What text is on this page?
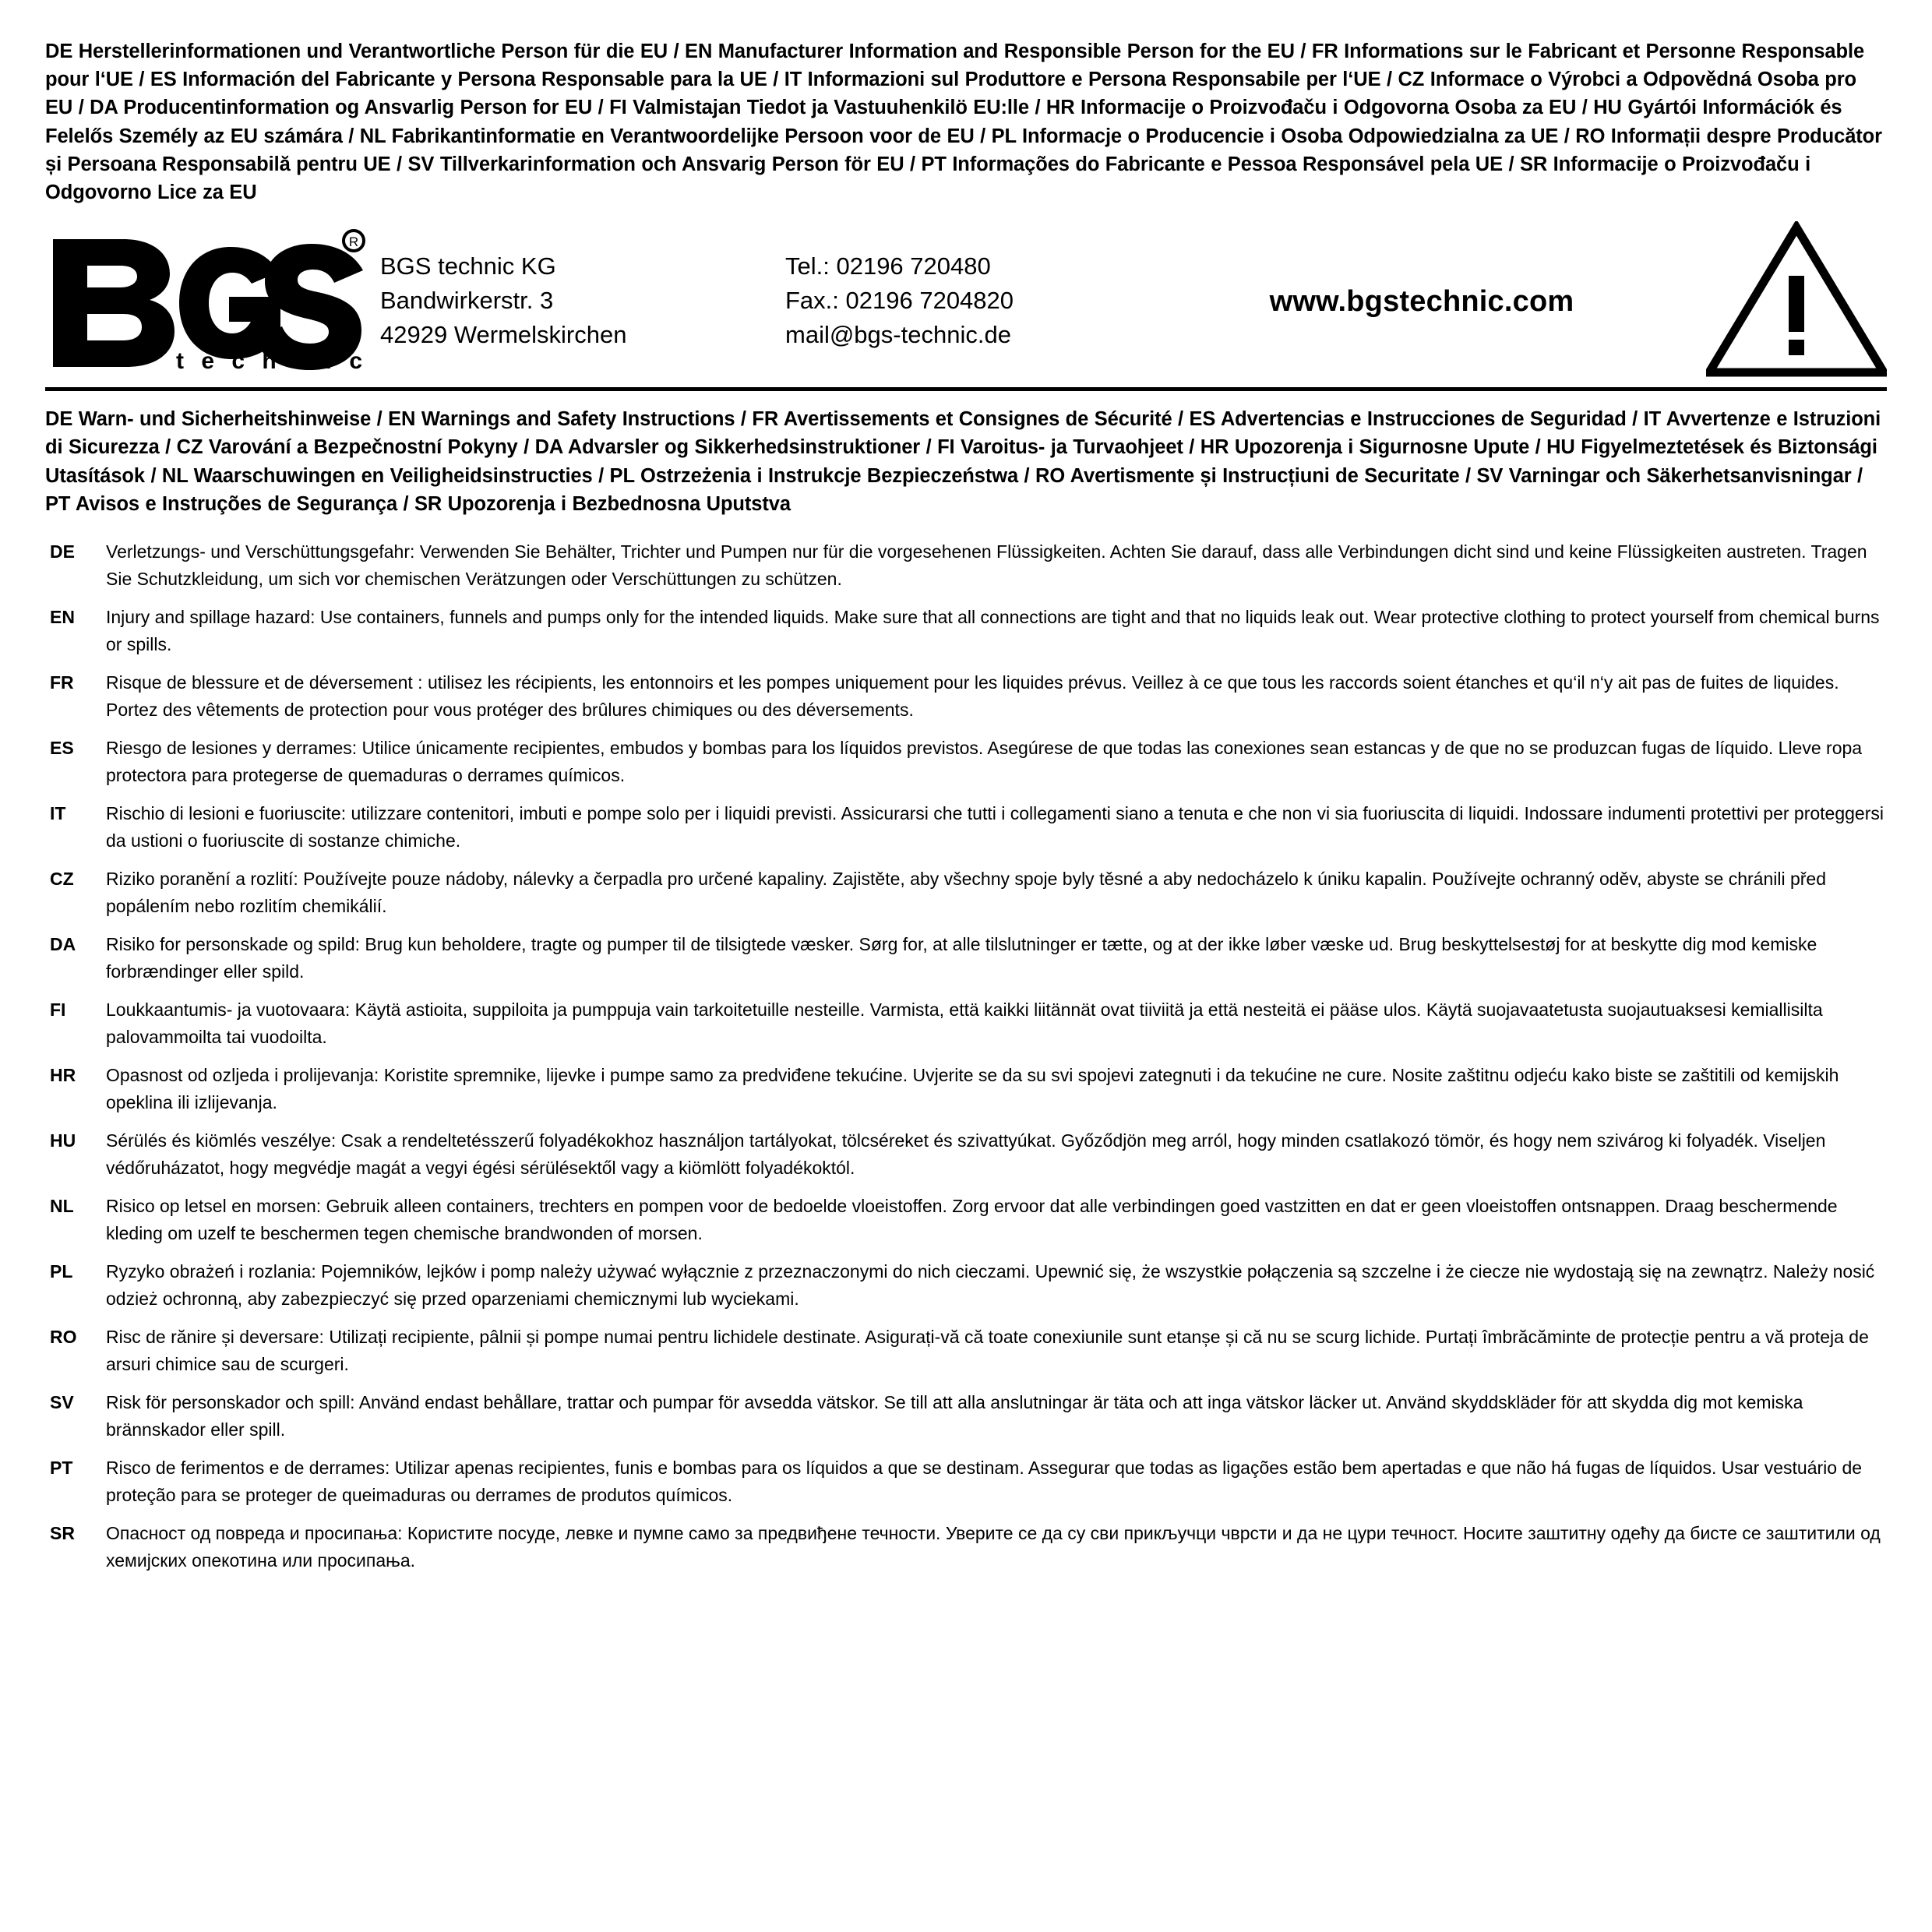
DE Herstellerinformationen und Verantwortliche Person für die EU / EN Manufacturer Information and Responsible Person for the EU / FR Informations sur le Fabricant et Personne Responsable pour l‘UE / ES Información del Fabricante y Persona Responsable para la UE / IT Informazioni sul Produttore e Persona Responsabile per l‘UE / CZ Informace o Výrobci a Odpovědná Osoba pro EU / DA Producentinformation og Ansvarlig Person for EU / FI Valmistajan Tiedot ja Vastuuhenkilö EU:lle / HR Informacije o Proizvođaču i Odgovorna Osoba za EU / HU Gyártói Információk és Felelős Személy az EU számára / NL Fabrikantinformatie en Verantwoordelijke Persoon voor de EU / PL Informacje o Producencie i Osoba Odpowiedzialna za UE / RO Informații despre Producător și Persoana Responsabilă pentru UE / SV Tillverkarinformation och Ansvarig Person för EU / PT Informações do Fabricante e Pessoa Responsável pela UE / SR Informacije o Proizvođaču i Odgovorno Lice za EU
R
t e c h n i c
BGS technic KG
Bandwirkerstr. 3
42929 Wermelskirchen
Tel.: 02196 720480
Fax.: 02196 7204820
mail@bgs-technic.de
www.bgstechnic.com
DE Warn- und Sicherheitshinweise / EN Warnings and Safety Instructions / FR Avertissements et Consignes de Sécurité / ES Advertencias e Instrucciones de Seguridad / IT Avvertenze e Istruzioni di Sicurezza / CZ Varování a Bezpečnostní Pokyny / DA Advarsler og Sikkerhedsinstruktioner / FI Varoitus- ja Turvaohjeet / HR Upozorenja i Sigurnosne Upute / HU Figyelmeztetések és Biztonsági Utasítások / NL Waarschuwingen en Veiligheidsinstructies / PL Ostrzeżenia i Instrukcje Bezpieczeństwa / RO Avertismente și Instrucțiuni de Securitate / SV Varningar och Säkerhetsanvisningar / PT Avisos e Instruções de Segurança / SR Upozorenja i Bezbednosna Uputstva
DE	Verletzungs- und Verschüttungsgefahr: Verwenden Sie Behälter, Trichter und Pumpen nur für die vorgesehenen Flüssigkeiten. Achten Sie darauf, dass alle Verbindungen dicht sind und keine Flüssigkeiten austreten. Tragen Sie Schutzkleidung, um sich vor chemischen Verätzungen oder Verschüttungen zu schützen.
EN	Injury and spillage hazard: Use containers, funnels and pumps only for the intended liquids. Make sure that all connections are tight and that no liquids leak out. Wear protective clothing to protect yourself from chemical burns or spills.
FR	Risque de blessure et de déversement : utilisez les récipients, les entonnoirs et les pompes uniquement pour les liquides prévus. Veillez à ce que tous les raccords soient étanches et qu‘il n‘y ait pas de fuites de liquides. Portez des vêtements de protection pour vous protéger des brûlures chimiques ou des déversements.
ES	Riesgo de lesiones y derrames: Utilice únicamente recipientes, embudos y bombas para los líquidos previstos. Asegúrese de que todas las conexiones sean estancas y de que no se produzcan fugas de líquido. Lleve ropa protectora para protegerse de quemaduras o derrames químicos.
IT	Rischio di lesioni e fuoriuscite: utilizzare contenitori, imbuti e pompe solo per i liquidi previsti. Assicurarsi che tutti i collegamenti siano a tenuta e che non vi sia fuoriuscita di liquidi. Indossare indumenti protettivi per proteggersi da ustioni o fuoriuscite di sostanze chimiche.
CZ	Riziko poranění a rozlití: Používejte pouze nádoby, nálevky a čerpadla pro určené kapaliny. Zajistěte, aby všechny spoje byly těsné a aby nedocházelo k úniku kapalin. Používejte ochranný oděv, abyste se chránili před popálením nebo rozlitím chemikálií.
DA	Risiko for personskade og spild: Brug kun beholdere, tragte og pumper til de tilsigtede væsker. Sørg for, at alle tilslutninger er tætte, og at der ikke løber væske ud. Brug beskyttelsestøj for at beskytte dig mod kemiske forbrændinger eller spild.
FI	Loukkaantumis- ja vuotovaara: Käytä astioita, suppiloita ja pumppuja vain tarkoitetuille nesteille. Varmista, että kaikki liitännät ovat tiiviitä ja että nesteitä ei pääse ulos. Käytä suojavaatetusta suojautuaksesi kemiallisilta palovammoilta tai vuodoilta.
HR	Opasnost od ozljeda i prolijevanja: Koristite spremnike, lijevke i pumpe samo za predviđene tekućine. Uvjerite se da su svi spojevi zategnuti i da tekućine ne cure. Nosite zaštitnu odjeću kako biste se zaštitili od kemijskih opeklina ili izlijevanja.
HU	Sérülés és kiömlés veszélye: Csak a rendeltetésszerű folyadékokhoz használjon tartályokat, tölcséreket és szivattyúkat. Győződjön meg arról, hogy minden csatlakozó tömör, és hogy nem szivárog ki folyadék. Viseljen védőruházatot, hogy megvédje magát a vegyi égési sérülésektől vagy a kiömlött folyadékoktól.
NL	Risico op letsel en morsen: Gebruik alleen containers, trechters en pompen voor de bedoelde vloeistoffen. Zorg ervoor dat alle verbindingen goed vastzitten en dat er geen vloeistoffen ontsnappen. Draag beschermende kleding om uzelf te beschermen tegen chemische brandwonden of morsen.
PL	Ryzyko obrażeń i rozlania: Pojemników, lejków i pomp należy używać wyłącznie z przeznaczonymi do nich cieczami. Upewnić się, że wszystkie połączenia są szczelne i że ciecze nie wydostają się na zewnątrz. Należy nosić odzież ochronną, aby zabezpieczyć się przed oparzeniami chemicznymi lub wyciekami.
RO	Risc de rănire și deversare: Utilizați recipiente, pâlnii și pompe numai pentru lichidele destinate. Asigurați-vă că toate conexiunile sunt etanșe și că nu se scurg lichide. Purtați îmbrăcăminte de protecție pentru a vă proteja de arsuri chimice sau de scurgeri.
SV	Risk för personskador och spill: Använd endast behållare, trattar och pumpar för avsedda vätskor. Se till att alla anslutningar är täta och att inga vätskor läcker ut. Använd skyddskläder för att skydda dig mot kemiska brännskador eller spill.
PT	Risco de ferimentos e de derrames: Utilizar apenas recipientes, funis e bombas para os líquidos a que se destinam. Assegurar que todas as ligações estão bem apertadas e que não há fugas de líquidos. Usar vestuário de proteção para se proteger de queimaduras ou derrames de produtos químicos.
SR	Опасност од повреда и просипања: Користите посуде, левке и пумпе само за предвиђене течности. Уверите се да су сви прикључци чврсти и да не цури течност. Носите заштитну одећу да бисте се заштитили од хемијских опекотина или просипања.
